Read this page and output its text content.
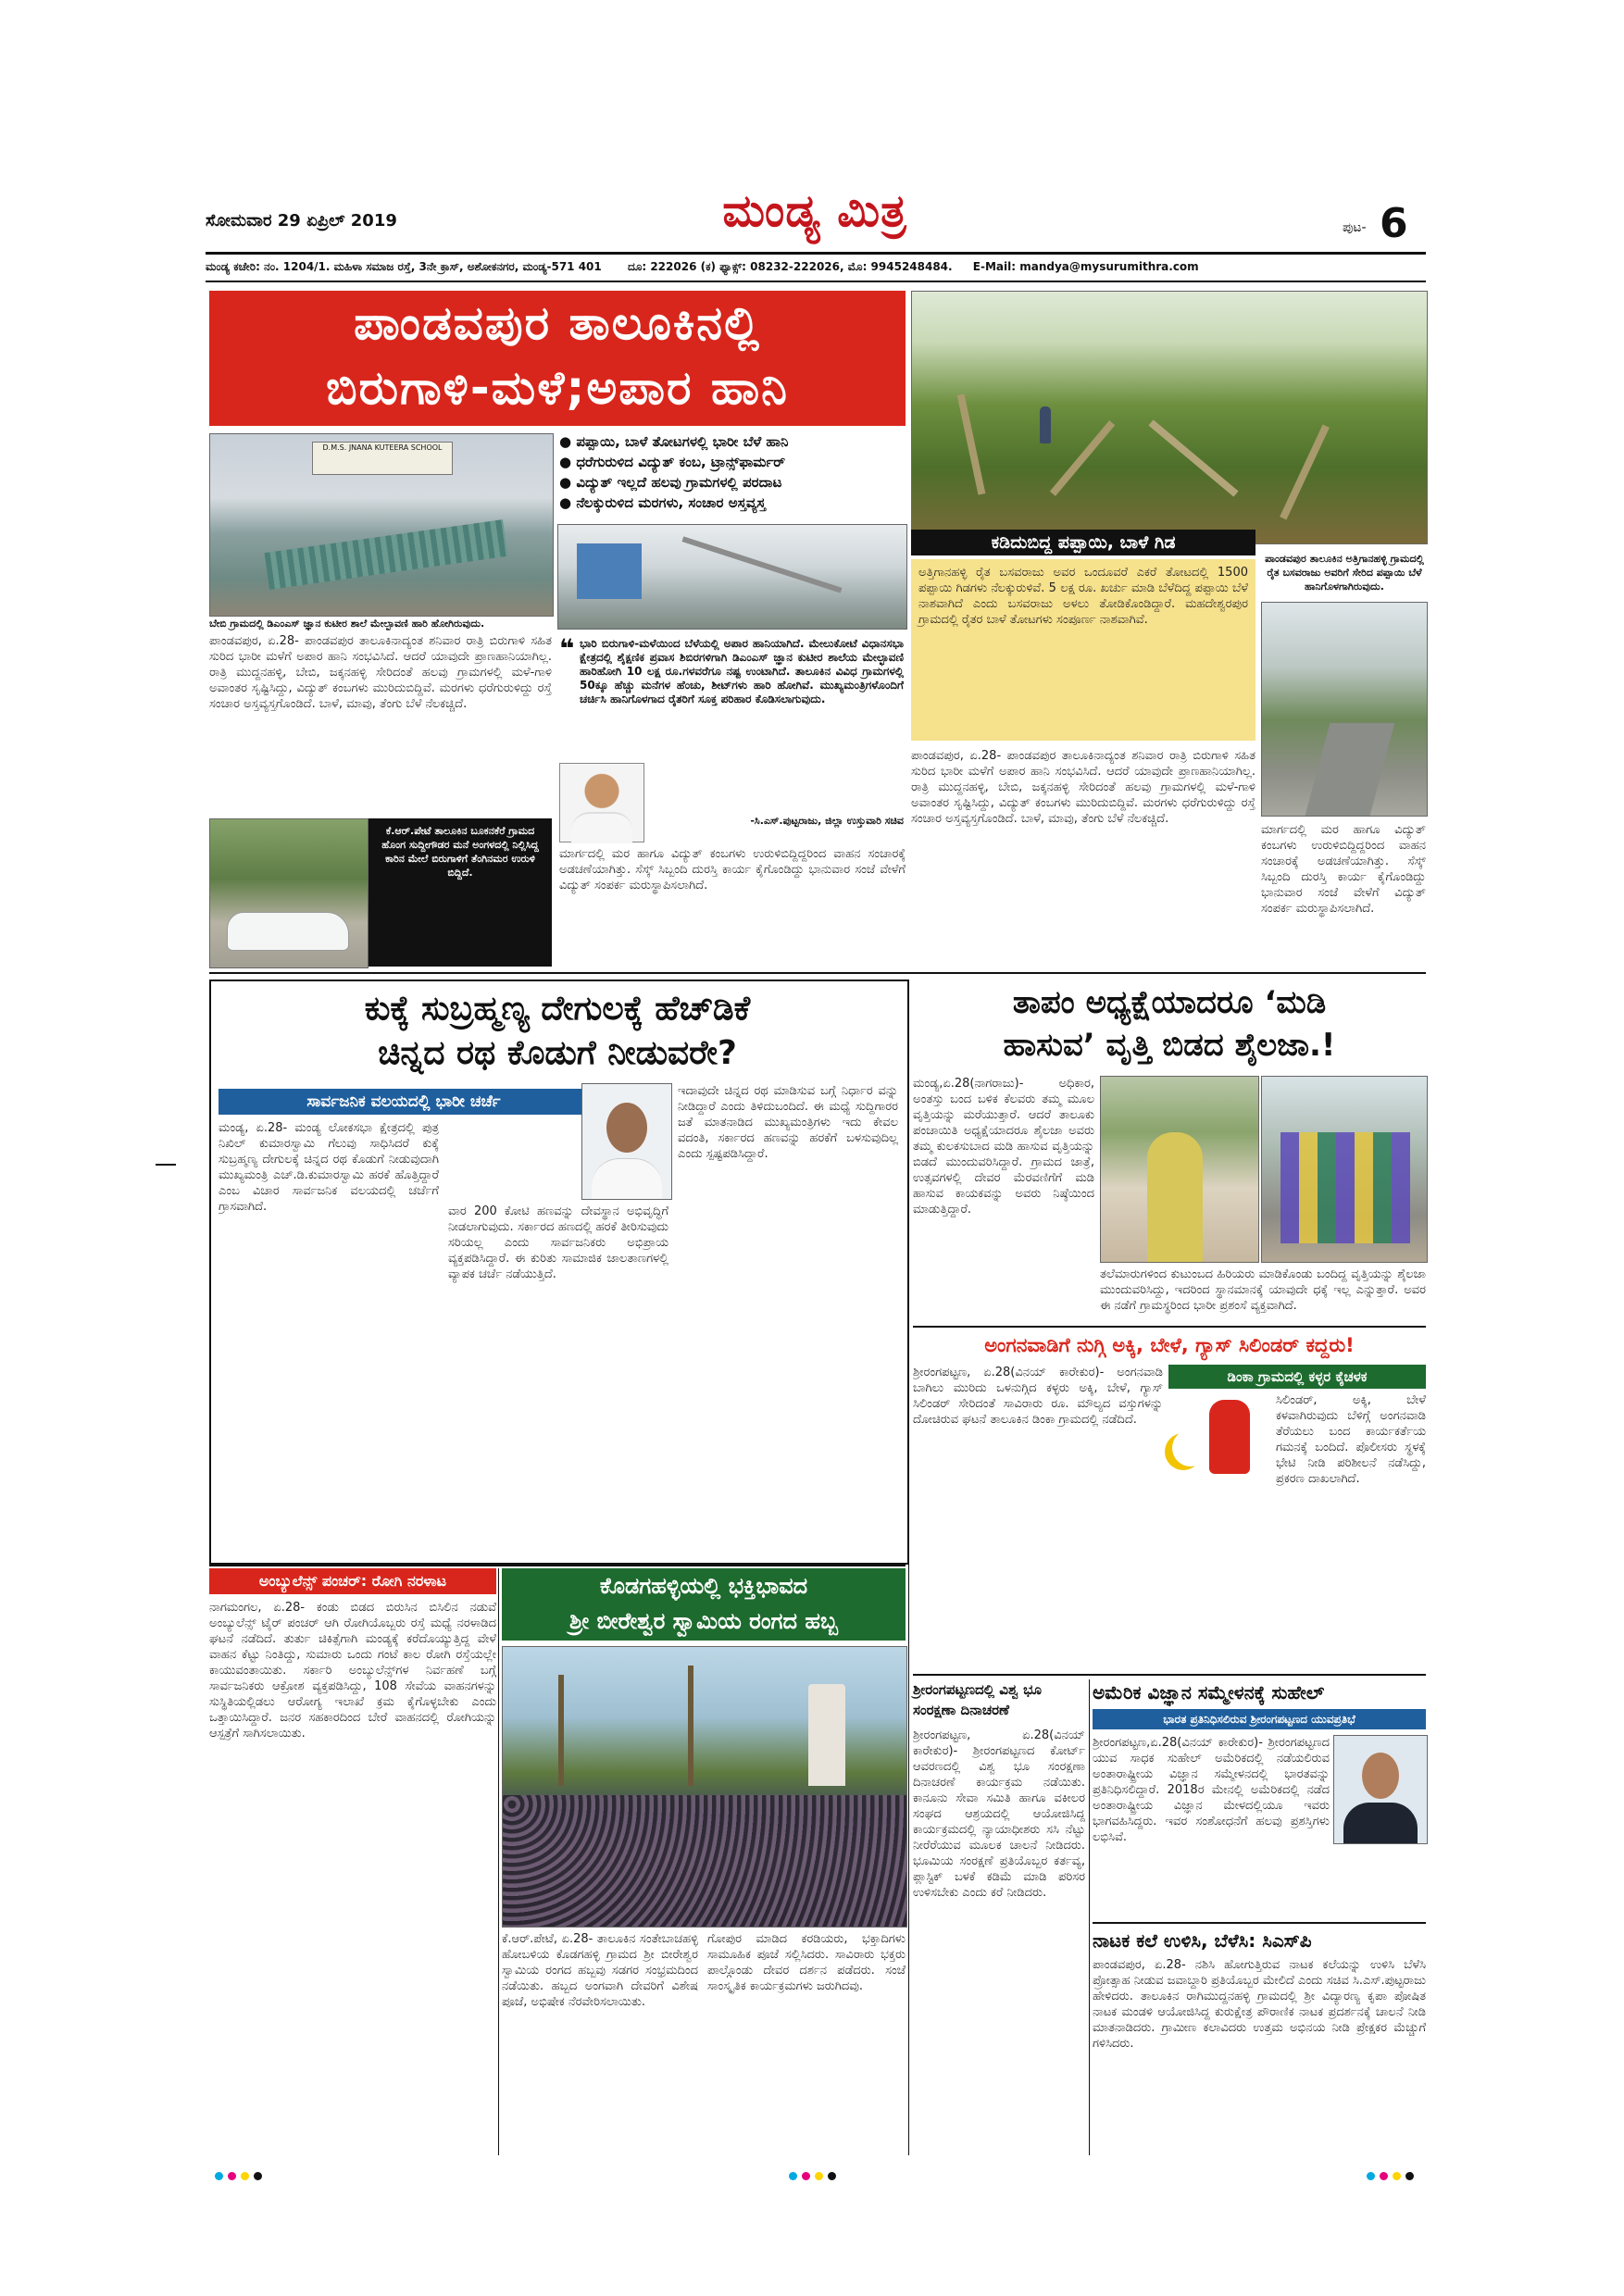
ಸೋಮವಾರ 29 ಏಪ್ರಿಲ್ 2019	ಮಂಡ್ಯ ಮಿತ್ರ	ಪುಟ- 6
ಮಂಡ್ಯ ಕಚೇರಿ: ನಂ. 1204/1. ಮಹಿಳಾ ಸಮಾಜ ರಸ್ತೆ, 3ನೇ ಕ್ರಾಸ್, ಅಶೋಕನಗರ, ಮಂಡ್ಯ-571 401 ದೂ: 222026 (ಕ) ಫ್ಯಾಕ್ಸ್: 08232-222026, ಮೊ: 9945248484. E-Mail: mandya@mysurumithra.com
ಪಾಂಡವಪುರ ತಾಲೂಕಿನಲ್ಲಿ
ಬಿರುಗಾಳಿ-ಮಳೆ;ಅಪಾರ ಹಾನಿ
ಕಡಿದುಬಿದ್ದ ಪಪ್ಪಾಯಿ, ಬಾಳೆ ಗಿಡ
D.M.S. JNANA KUTEERA SCHOOL
ಬೇಬಿ ಗ್ರಾಮದಲ್ಲಿ ಡಿಎಂಎಸ್ ಜ್ಞಾನ ಕುಟೀರ ಶಾಲೆ ಮೇಲ್ಛಾವಣಿ ಹಾರಿ ಹೋಗಿರುವುದು.
● ಪಪ್ಪಾಯಿ, ಬಾಳೆ ತೋಟಗಳಲ್ಲಿ ಭಾರೀ ಬೆಳೆ ಹಾನಿ
● ಧರೆಗುರುಳಿದ ವಿದ್ಯುತ್ ಕಂಬ, ಟ್ರಾನ್ಸ್‌ಫಾರ್ಮರ್
● ವಿದ್ಯುತ್ ಇಲ್ಲದೆ ಹಲವು ಗ್ರಾಮಗಳಲ್ಲಿ ಪರದಾಟ
● ನೆಲಕ್ಕುರುಳಿದ ಮರಗಳು, ಸಂಚಾರ ಅಸ್ತವ್ಯಸ್ತ
ಪಾಂಡವಪುರ, ಏ.28- ಪಾಂಡವಪುರ ತಾಲೂಕಿನಾದ್ಯಂತ ಶನಿವಾರ ರಾತ್ರಿ ಬಿರುಗಾಳಿ ಸಹಿತ ಸುರಿದ ಭಾರೀ ಮಳೆಗೆ ಅಪಾರ ಹಾನಿ ಸಂಭವಿಸಿದೆ. ಆದರೆ ಯಾವುದೇ ಪ್ರಾಣಹಾನಿಯಾಗಿಲ್ಲ. ರಾತ್ರಿ ಮುದ್ದನಹಳ್ಳಿ, ಬೇಬಿ, ಜಕ್ಕನಹಳ್ಳಿ ಸೇರಿದಂತೆ ಹಲವು ಗ್ರಾಮಗಳಲ್ಲಿ ಮಳೆ-ಗಾಳಿ ಅವಾಂತರ ಸೃಷ್ಟಿಸಿದ್ದು, ವಿದ್ಯುತ್ ಕಂಬಗಳು ಮುರಿದುಬಿದ್ದಿವೆ. ಮರಗಳು ಧರೆಗುರುಳಿದ್ದು ರಸ್ತೆ ಸಂಚಾರ ಅಸ್ತವ್ಯಸ್ತಗೊಂಡಿದೆ. ಬಾಳೆ, ಮಾವು, ತೆಂಗು ಬೆಳೆ ನೆಲಕಚ್ಚಿದೆ.
❝ ಭಾರಿ ಬಿರುಗಾಳಿ-ಮಳೆಯಿಂದ ಬೆಳೆಯಲ್ಲಿ ಅಪಾರ ಹಾನಿಯಾಗಿದೆ. ಮೇಲುಕೋಟೆ ವಿಧಾನಸಭಾ ಕ್ಷೇತ್ರದಲ್ಲಿ ಶೈಕ್ಷಣಿಕ ಪ್ರವಾಸ ಶಿಬಿರಗಳಿಗಾಗಿ ಡಿಎಂಎಸ್ ಜ್ಞಾನ ಕುಟೀರ ಶಾಲೆಯ ಮೇಲ್ಛಾವಣಿ ಹಾರಿಹೋಗಿ 10 ಲಕ್ಷ ರೂ.ಗಳವರೆಗೂ ನಷ್ಟ ಉಂಟಾಗಿದೆ. ತಾಲೂಕಿನ ವಿವಿಧ ಗ್ರಾಮಗಳಲ್ಲಿ 50ಕ್ಕೂ ಹೆಚ್ಚು ಮನೆಗಳ ಹೆಂಚು, ಶೀಟ್‌ಗಳು ಹಾರಿ ಹೋಗಿವೆ. ಮುಖ್ಯಮಂತ್ರಿಗಳೊಂದಿಗೆ ಚರ್ಚಿಸಿ ಹಾನಿಗೊಳಗಾದ ರೈತರಿಗೆ ಸೂಕ್ತ ಪರಿಹಾರ ಕೊಡಿಸಲಾಗುವುದು.
-ಸಿ.ಎಸ್.ಪುಟ್ಟರಾಜು, ಜಿಲ್ಲಾ ಉಸ್ತುವಾರಿ ಸಚಿವ
ಕೆ.ಆರ್.ಪೇಟೆ ತಾಲೂಕಿನ ಬೂಕನಕೆರೆ ಗ್ರಾಮದ ಹೊಂಗ ಸುದ್ದೀಗೌಡರ ಮನೆ ಅಂಗಳದಲ್ಲಿ ನಿಲ್ಲಿಸಿದ್ದ ಕಾರಿನ ಮೇಲೆ ಬಿರುಗಾಳಿಗೆ ತೆಂಗಿನಮರ ಉರುಳಿ ಬಿದ್ದಿದೆ.
ಮಾರ್ಗದಲ್ಲಿ ಮರ ಹಾಗೂ ವಿದ್ಯುತ್ ಕಂಬಗಳು ಉರುಳಿಬಿದ್ದಿದ್ದರಿಂದ ವಾಹನ ಸಂಚಾರಕ್ಕೆ ಅಡಚಣೆಯಾಗಿತ್ತು. ಸೆಸ್ಕ್ ಸಿಬ್ಬಂದಿ ದುರಸ್ತಿ ಕಾರ್ಯ ಕೈಗೊಂಡಿದ್ದು ಭಾನುವಾರ ಸಂಜೆ ವೇಳೆಗೆ ವಿದ್ಯುತ್ ಸಂಪರ್ಕ ಮರುಸ್ಥಾಪಿಸಲಾಗಿದೆ.
ಅತ್ತಿಗಾನಹಳ್ಳಿ ರೈತ ಬಸವರಾಜು ಅವರ ಒಂದೂವರೆ ಎಕರೆ ತೋಟದಲ್ಲಿ 1500 ಪಪ್ಪಾಯಿ ಗಿಡಗಳು ನೆಲಕ್ಕುರುಳಿವೆ. 5 ಲಕ್ಷ ರೂ. ಖರ್ಚು ಮಾಡಿ ಬೆಳೆದಿದ್ದ ಪಪ್ಪಾಯಿ ಬೆಳೆ ನಾಶವಾಗಿದೆ ಎಂದು ಬಸವರಾಜು ಅಳಲು ತೋಡಿಕೊಂಡಿದ್ದಾರೆ. ಮಹದೇಶ್ವರಪುರ ಗ್ರಾಮದಲ್ಲಿ ರೈತರ ಬಾಳೆ ತೋಟಗಳು ಸಂಪೂರ್ಣ ನಾಶವಾಗಿವೆ.
ಪಾಂಡವಪುರ ತಾಲೂಕಿನ ಅತ್ತಿಗಾನಹಳ್ಳಿ ಗ್ರಾಮದಲ್ಲಿ ರೈತ ಬಸವರಾಜು ಅವರಿಗೆ ಸೇರಿದ ಪಪ್ಪಾಯಿ ಬೆಳೆ ಹಾನಿಗೊಳಗಾಗಿರುವುದು.
ಪಾಂಡವಪುರ, ಏ.28- ಪಾಂಡವಪುರ ತಾಲೂಕಿನಾದ್ಯಂತ ಶನಿವಾರ ರಾತ್ರಿ ಬಿರುಗಾಳಿ ಸಹಿತ ಸುರಿದ ಭಾರೀ ಮಳೆಗೆ ಅಪಾರ ಹಾನಿ ಸಂಭವಿಸಿದೆ. ಆದರೆ ಯಾವುದೇ ಪ್ರಾಣಹಾನಿಯಾಗಿಲ್ಲ. ರಾತ್ರಿ ಮುದ್ದನಹಳ್ಳಿ, ಬೇಬಿ, ಜಕ್ಕನಹಳ್ಳಿ ಸೇರಿದಂತೆ ಹಲವು ಗ್ರಾಮಗಳಲ್ಲಿ ಮಳೆ-ಗಾಳಿ ಅವಾಂತರ ಸೃಷ್ಟಿಸಿದ್ದು, ವಿದ್ಯುತ್ ಕಂಬಗಳು ಮುರಿದುಬಿದ್ದಿವೆ. ಮರಗಳು ಧರೆಗುರುಳಿದ್ದು ರಸ್ತೆ ಸಂಚಾರ ಅಸ್ತವ್ಯಸ್ತಗೊಂಡಿದೆ. ಬಾಳೆ, ಮಾವು, ತೆಂಗು ಬೆಳೆ ನೆಲಕಚ್ಚಿದೆ.
ಮಾರ್ಗದಲ್ಲಿ ಮರ ಹಾಗೂ ವಿದ್ಯುತ್ ಕಂಬಗಳು ಉರುಳಿಬಿದ್ದಿದ್ದರಿಂದ ವಾಹನ ಸಂಚಾರಕ್ಕೆ ಅಡಚಣೆಯಾಗಿತ್ತು. ಸೆಸ್ಕ್ ಸಿಬ್ಬಂದಿ ದುರಸ್ತಿ ಕಾರ್ಯ ಕೈಗೊಂಡಿದ್ದು ಭಾನುವಾರ ಸಂಜೆ ವೇಳೆಗೆ ವಿದ್ಯುತ್ ಸಂಪರ್ಕ ಮರುಸ್ಥಾಪಿಸಲಾಗಿದೆ.
ಕುಕ್ಕೆ ಸುಬ್ರಹ್ಮಣ್ಯ ದೇಗುಲಕ್ಕೆ ಹೆಚ್‌ಡಿಕೆ
ಚಿನ್ನದ ರಥ ಕೊಡುಗೆ ನೀಡುವರೇ?
ಸಾರ್ವಜನಿಕ ವಲಯದಲ್ಲಿ ಭಾರೀ ಚರ್ಚೆ
ಮಂಡ್ಯ, ಏ.28- ಮಂಡ್ಯ ಲೋಕಸಭಾ ಕ್ಷೇತ್ರದಲ್ಲಿ ಪುತ್ರ ನಿಖಿಲ್ ಕುಮಾರಸ್ವಾಮಿ ಗೆಲುವು ಸಾಧಿಸಿದರೆ ಕುಕ್ಕೆ ಸುಬ್ರಹ್ಮಣ್ಯ ದೇಗುಲಕ್ಕೆ ಚಿನ್ನದ ರಥ ಕೊಡುಗೆ ನೀಡುವುದಾಗಿ ಮುಖ್ಯಮಂತ್ರಿ ಎಚ್.ಡಿ.ಕುಮಾರಸ್ವಾಮಿ ಹರಕೆ ಹೊತ್ತಿದ್ದಾರೆ ಎಂಬ ವಿಚಾರ ಸಾರ್ವಜನಿಕ ವಲಯದಲ್ಲಿ ಚರ್ಚೆಗೆ ಗ್ರಾಸವಾಗಿದೆ.	ವಾರ 200 ಕೋಟಿ ಹಣವನ್ನು ದೇವಸ್ಥಾನ ಅಭಿವೃದ್ಧಿಗೆ ನೀಡಲಾಗುವುದು. ಸರ್ಕಾರದ ಹಣದಲ್ಲಿ ಹರಕೆ ತೀರಿಸುವುದು ಸರಿಯಲ್ಲ ಎಂದು ಸಾರ್ವಜನಿಕರು ಅಭಿಪ್ರಾಯ ವ್ಯಕ್ತಪಡಿಸಿದ್ದಾರೆ. ಈ ಕುರಿತು ಸಾಮಾಜಿಕ ಜಾಲತಾಣಗಳಲ್ಲಿ ವ್ಯಾಪಕ ಚರ್ಚೆ ನಡೆಯುತ್ತಿದೆ.
ಇದಾವುದೇ ಚಿನ್ನದ ರಥ ಮಾಡಿಸುವ ಬಗ್ಗೆ ನಿರ್ಧಾರ ವನ್ನು ನೀಡಿದ್ದಾರೆ ಎಂದು ತಿಳಿದುಬಂದಿದೆ. ಈ ಮಧ್ಯೆ ಸುದ್ದಿಗಾರರ ಜತೆ ಮಾತನಾಡಿದ ಮುಖ್ಯಮಂತ್ರಿಗಳು ಇದು ಕೇವಲ ವದಂತಿ, ಸರ್ಕಾರದ ಹಣವನ್ನು ಹರಕೆಗೆ ಬಳಸುವುದಿಲ್ಲ ಎಂದು ಸ್ಪಷ್ಟಪಡಿಸಿದ್ದಾರೆ.
ತಾಪಂ ಅಧ್ಯಕ್ಷೆಯಾದರೂ ‘ಮಡಿ
ಹಾಸುವ’ ವೃತ್ತಿ ಬಿಡದ ಶೈಲಜಾ.!
ಮಂಡ್ಯ,ಏ.28(ನಾಗರಾಜು)- ಅಧಿಕಾರ, ಅಂತಸ್ತು ಬಂದ ಬಳಿಕ ಕೆಲವರು ತಮ್ಮ ಮೂಲ ವೃತ್ತಿಯನ್ನು ಮರೆಯುತ್ತಾರೆ. ಆದರೆ ತಾಲೂಕು ಪಂಚಾಯಿತಿ ಅಧ್ಯಕ್ಷೆಯಾದರೂ ಶೈಲಜಾ ಅವರು ತಮ್ಮ ಕುಲಕಸುಬಾದ ಮಡಿ ಹಾಸುವ ವೃತ್ತಿಯನ್ನು ಬಿಡದೆ ಮುಂದುವರಿಸಿದ್ದಾರೆ. ಗ್ರಾಮದ ಜಾತ್ರೆ, ಉತ್ಸವಗಳಲ್ಲಿ ದೇವರ ಮೆರವಣಿಗೆಗೆ ಮಡಿ ಹಾಸುವ ಕಾಯಕವನ್ನು ಅವರು ನಿಷ್ಠೆಯಿಂದ ಮಾಡುತ್ತಿದ್ದಾರೆ.
ತಲೆಮಾರುಗಳಿಂದ ಕುಟುಂಬದ ಹಿರಿಯರು ಮಾಡಿಕೊಂಡು ಬಂದಿದ್ದ ವೃತ್ತಿಯನ್ನು ಶೈಲಜಾ ಮುಂದುವರಿಸಿದ್ದು, ಇದರಿಂದ ಸ್ಥಾನಮಾನಕ್ಕೆ ಯಾವುದೇ ಧಕ್ಕೆ ಇಲ್ಲ ಎನ್ನುತ್ತಾರೆ. ಅವರ ಈ ನಡೆಗೆ ಗ್ರಾಮಸ್ಥರಿಂದ ಭಾರೀ ಪ್ರಶಂಸೆ ವ್ಯಕ್ತವಾಗಿದೆ.
ಅಂಗನವಾಡಿಗೆ ನುಗ್ಗಿ ಅಕ್ಕಿ, ಬೇಳೆ, ಗ್ಯಾಸ್ ಸಿಲಿಂಡರ್ ಕದ್ದರು!
ಶ್ರೀರಂಗಪಟ್ಟಣ, ಏ.28(ವಿನಯ್ ಕಾರೇಕುರ)- ಅಂಗನವಾಡಿ ಬಾಗಿಲು ಮುರಿದು ಒಳನುಗ್ಗಿದ ಕಳ್ಳರು ಅಕ್ಕಿ, ಬೇಳೆ, ಗ್ಯಾಸ್ ಸಿಲಿಂಡರ್ ಸೇರಿದಂತೆ ಸಾವಿರಾರು ರೂ. ಮೌಲ್ಯದ ವಸ್ತುಗಳನ್ನು ದೋಚಿರುವ ಘಟನೆ ತಾಲೂಕಿನ ಡಿಂಕಾ ಗ್ರಾಮದಲ್ಲಿ ನಡೆದಿದೆ.
ಡಿಂಕಾ ಗ್ರಾಮದಲ್ಲಿ ಕಳ್ಳರ ಕೈಚಳಕ
ಸಿಲಿಂಡರ್, ಅಕ್ಕಿ, ಬೇಳೆ ಕಳವಾಗಿರುವುದು ಬೆಳಿಗ್ಗೆ ಅಂಗನವಾಡಿ ತೆರೆಯಲು ಬಂದ ಕಾರ್ಯಕರ್ತೆಯ ಗಮನಕ್ಕೆ ಬಂದಿದೆ. ಪೊಲೀಸರು ಸ್ಥಳಕ್ಕೆ ಭೇಟಿ ನೀಡಿ ಪರಿಶೀಲನೆ ನಡೆಸಿದ್ದು, ಪ್ರಕರಣ ದಾಖಲಾಗಿದೆ.
ಅಂಬ್ಯುಲೆನ್ಸ್ ಪಂಚರ್: ರೋಗಿ ನರಳಾಟ
ನಾಗಮಂಗಲ, ಏ.28- ಕಂಡು ಬಿಡದ ಬಿರುಸಿನ ಬಿಸಿಲಿನ ನಡುವೆ ಅಂಬ್ಯುಲೆನ್ಸ್ ಟೈರ್ ಪಂಚರ್ ಆಗಿ ರೋಗಿಯೊಬ್ಬರು ರಸ್ತೆ ಮಧ್ಯೆ ನರಳಾಡಿದ ಘಟನೆ ನಡೆದಿದೆ. ತುರ್ತು ಚಿಕಿತ್ಸೆಗಾಗಿ ಮಂಡ್ಯಕ್ಕೆ ಕರೆದೊಯ್ಯುತ್ತಿದ್ದ ವೇಳೆ ವಾಹನ ಕೆಟ್ಟು ನಿಂತಿದ್ದು, ಸುಮಾರು ಒಂದು ಗಂಟೆ ಕಾಲ ರೋಗಿ ರಸ್ತೆಯಲ್ಲೇ ಕಾಯುವಂತಾಯಿತು. ಸರ್ಕಾರಿ ಅಂಬ್ಯುಲೆನ್ಸ್‌ಗಳ ನಿರ್ವಹಣೆ ಬಗ್ಗೆ ಸಾರ್ವಜನಿಕರು ಆಕ್ರೋಶ ವ್ಯಕ್ತಪಡಿಸಿದ್ದು, 108 ಸೇವೆಯ ವಾಹನಗಳನ್ನು ಸುಸ್ಥಿತಿಯಲ್ಲಿಡಲು ಆರೋಗ್ಯ ಇಲಾಖೆ ಕ್ರಮ ಕೈಗೊಳ್ಳಬೇಕು ಎಂದು ಒತ್ತಾಯಿಸಿದ್ದಾರೆ. ಜನರ ಸಹಕಾರದಿಂದ ಬೇರೆ ವಾಹನದಲ್ಲಿ ರೋಗಿಯನ್ನು ಆಸ್ಪತ್ರೆಗೆ ಸಾಗಿಸಲಾಯಿತು.
ಕೊಡಗಹಳ್ಳಿಯಲ್ಲಿ ಭಕ್ತಿಭಾವದ
ಶ್ರೀ ಬೀರೇಶ್ವರ ಸ್ವಾಮಿಯ ರಂಗದ ಹಬ್ಬ
ಕೆ.ಆರ್.ಪೇಟೆ, ಏ.28- ತಾಲೂಕಿನ ಸಂತೇಬಾಚಹಳ್ಳಿ ಹೋಬಳಿಯ ಕೊಡಗಹಳ್ಳಿ ಗ್ರಾಮದ ಶ್ರೀ ಬೀರೇಶ್ವರ ಸ್ವಾಮಿಯ ರಂಗದ ಹಬ್ಬವು ಸಡಗರ ಸಂಭ್ರಮದಿಂದ ನಡೆಯಿತು. ಹಬ್ಬದ ಅಂಗವಾಗಿ ದೇವರಿಗೆ ವಿಶೇಷ ಪೂಜೆ, ಅಭಿಷೇಕ ನೆರವೇರಿಸಲಾಯಿತು.
ಗೋಪುರ ಮಾಡಿದ ಕರಡಿಯರು, ಭಕ್ತಾದಿಗಳು ಸಾಮೂಹಿಕ ಪೂಜೆ ಸಲ್ಲಿಸಿದರು. ಸಾವಿರಾರು ಭಕ್ತರು ಪಾಲ್ಗೊಂಡು ದೇವರ ದರ್ಶನ ಪಡೆದರು. ಸಂಜೆ ಸಾಂಸ್ಕೃತಿಕ ಕಾರ್ಯಕ್ರಮಗಳು ಜರುಗಿದವು.
ಶ್ರೀರಂಗಪಟ್ಟಣದಲ್ಲಿ ವಿಶ್ವ ಭೂ ಸಂರಕ್ಷಣಾ ದಿನಾಚರಣೆ
ಶ್ರೀರಂಗಪಟ್ಟಣ, ಏ.28(ವಿನಯ್ ಕಾರೇಕುರ)- ಶ್ರೀರಂಗಪಟ್ಟಣದ ಕೋರ್ಟ್ ಆವರಣದಲ್ಲಿ ವಿಶ್ವ ಭೂ ಸಂರಕ್ಷಣಾ ದಿನಾಚರಣೆ ಕಾರ್ಯಕ್ರಮ ನಡೆಯಿತು. ಕಾನೂನು ಸೇವಾ ಸಮಿತಿ ಹಾಗೂ ವಕೀಲರ ಸಂಘದ ಆಶ್ರಯದಲ್ಲಿ ಆಯೋಜಿಸಿದ್ದ ಕಾರ್ಯಕ್ರಮದಲ್ಲಿ ನ್ಯಾಯಾಧೀಶರು ಸಸಿ ನೆಟ್ಟು ನೀರೆರೆಯುವ ಮೂಲಕ ಚಾಲನೆ ನೀಡಿದರು. ಭೂಮಿಯ ಸಂರಕ್ಷಣೆ ಪ್ರತಿಯೊಬ್ಬರ ಕರ್ತವ್ಯ, ಪ್ಲಾಸ್ಟಿಕ್ ಬಳಕೆ ಕಡಿಮೆ ಮಾಡಿ ಪರಿಸರ ಉಳಿಸಬೇಕು ಎಂದು ಕರೆ ನೀಡಿದರು.
ಅಮೆರಿಕ ವಿಜ್ಞಾನ ಸಮ್ಮೇಳನಕ್ಕೆ ಸುಹೇಲ್
ಭಾರತ ಪ್ರತಿನಿಧಿಸಲಿರುವ ಶ್ರೀರಂಗಪಟ್ಟಣದ ಯುವಪ್ರತಿಭೆ
ಶ್ರೀರಂಗಪಟ್ಟಣ,ಏ.28(ವಿನಯ್ ಕಾರೇಕುರ)- ಶ್ರೀರಂಗಪಟ್ಟಣದ ಯುವ ಸಾಧಕ ಸುಹೇಲ್ ಅಮೆರಿಕದಲ್ಲಿ ನಡೆಯಲಿರುವ ಅಂತಾರಾಷ್ಟ್ರೀಯ ವಿಜ್ಞಾನ ಸಮ್ಮೇಳನದಲ್ಲಿ ಭಾರತವನ್ನು ಪ್ರತಿನಿಧಿಸಲಿದ್ದಾರೆ. 2018ರ ಮೇನಲ್ಲಿ ಅಮೆರಿಕದಲ್ಲಿ ನಡೆದ ಅಂತಾರಾಷ್ಟ್ರೀಯ ವಿಜ್ಞಾನ ಮೇಳದಲ್ಲಿಯೂ ಇವರು ಭಾಗವಹಿಸಿದ್ದರು. ಇವರ ಸಂಶೋಧನೆಗೆ ಹಲವು ಪ್ರಶಸ್ತಿಗಳು ಲಭಿಸಿವೆ.
ನಾಟಕ ಕಲೆ ಉಳಿಸಿ, ಬೆಳೆಸಿ: ಸಿಎಸ್‌ಪಿ
ಪಾಂಡವಪುರ, ಏ.28- ನಶಿಸಿ ಹೋಗುತ್ತಿರುವ ನಾಟಕ ಕಲೆಯನ್ನು ಉಳಿಸಿ ಬೆಳೆಸಿ ಪ್ರೋತ್ಸಾಹ ನೀಡುವ ಜವಾಬ್ದಾರಿ ಪ್ರತಿಯೊಬ್ಬರ ಮೇಲಿದೆ ಎಂದು ಸಚಿವ ಸಿ.ಎಸ್.ಪುಟ್ಟರಾಜು ಹೇಳಿದರು. ತಾಲೂಕಿನ ರಾಗಿಮುದ್ದನಹಳ್ಳಿ ಗ್ರಾಮದಲ್ಲಿ ಶ್ರೀ ವಿದ್ಯಾರಣ್ಯ ಕೃಪಾ ಪೋಷಿತ ನಾಟಕ ಮಂಡಳಿ ಆಯೋಜಿಸಿದ್ದ ಕುರುಕ್ಷೇತ್ರ ಪೌರಾಣಿಕ ನಾಟಕ ಪ್ರದರ್ಶನಕ್ಕೆ ಚಾಲನೆ ನೀಡಿ ಮಾತನಾಡಿದರು. ಗ್ರಾಮೀಣ ಕಲಾವಿದರು ಉತ್ತಮ ಅಭಿನಯ ನೀಡಿ ಪ್ರೇಕ್ಷಕರ ಮೆಚ್ಚುಗೆ ಗಳಿಸಿದರು.
